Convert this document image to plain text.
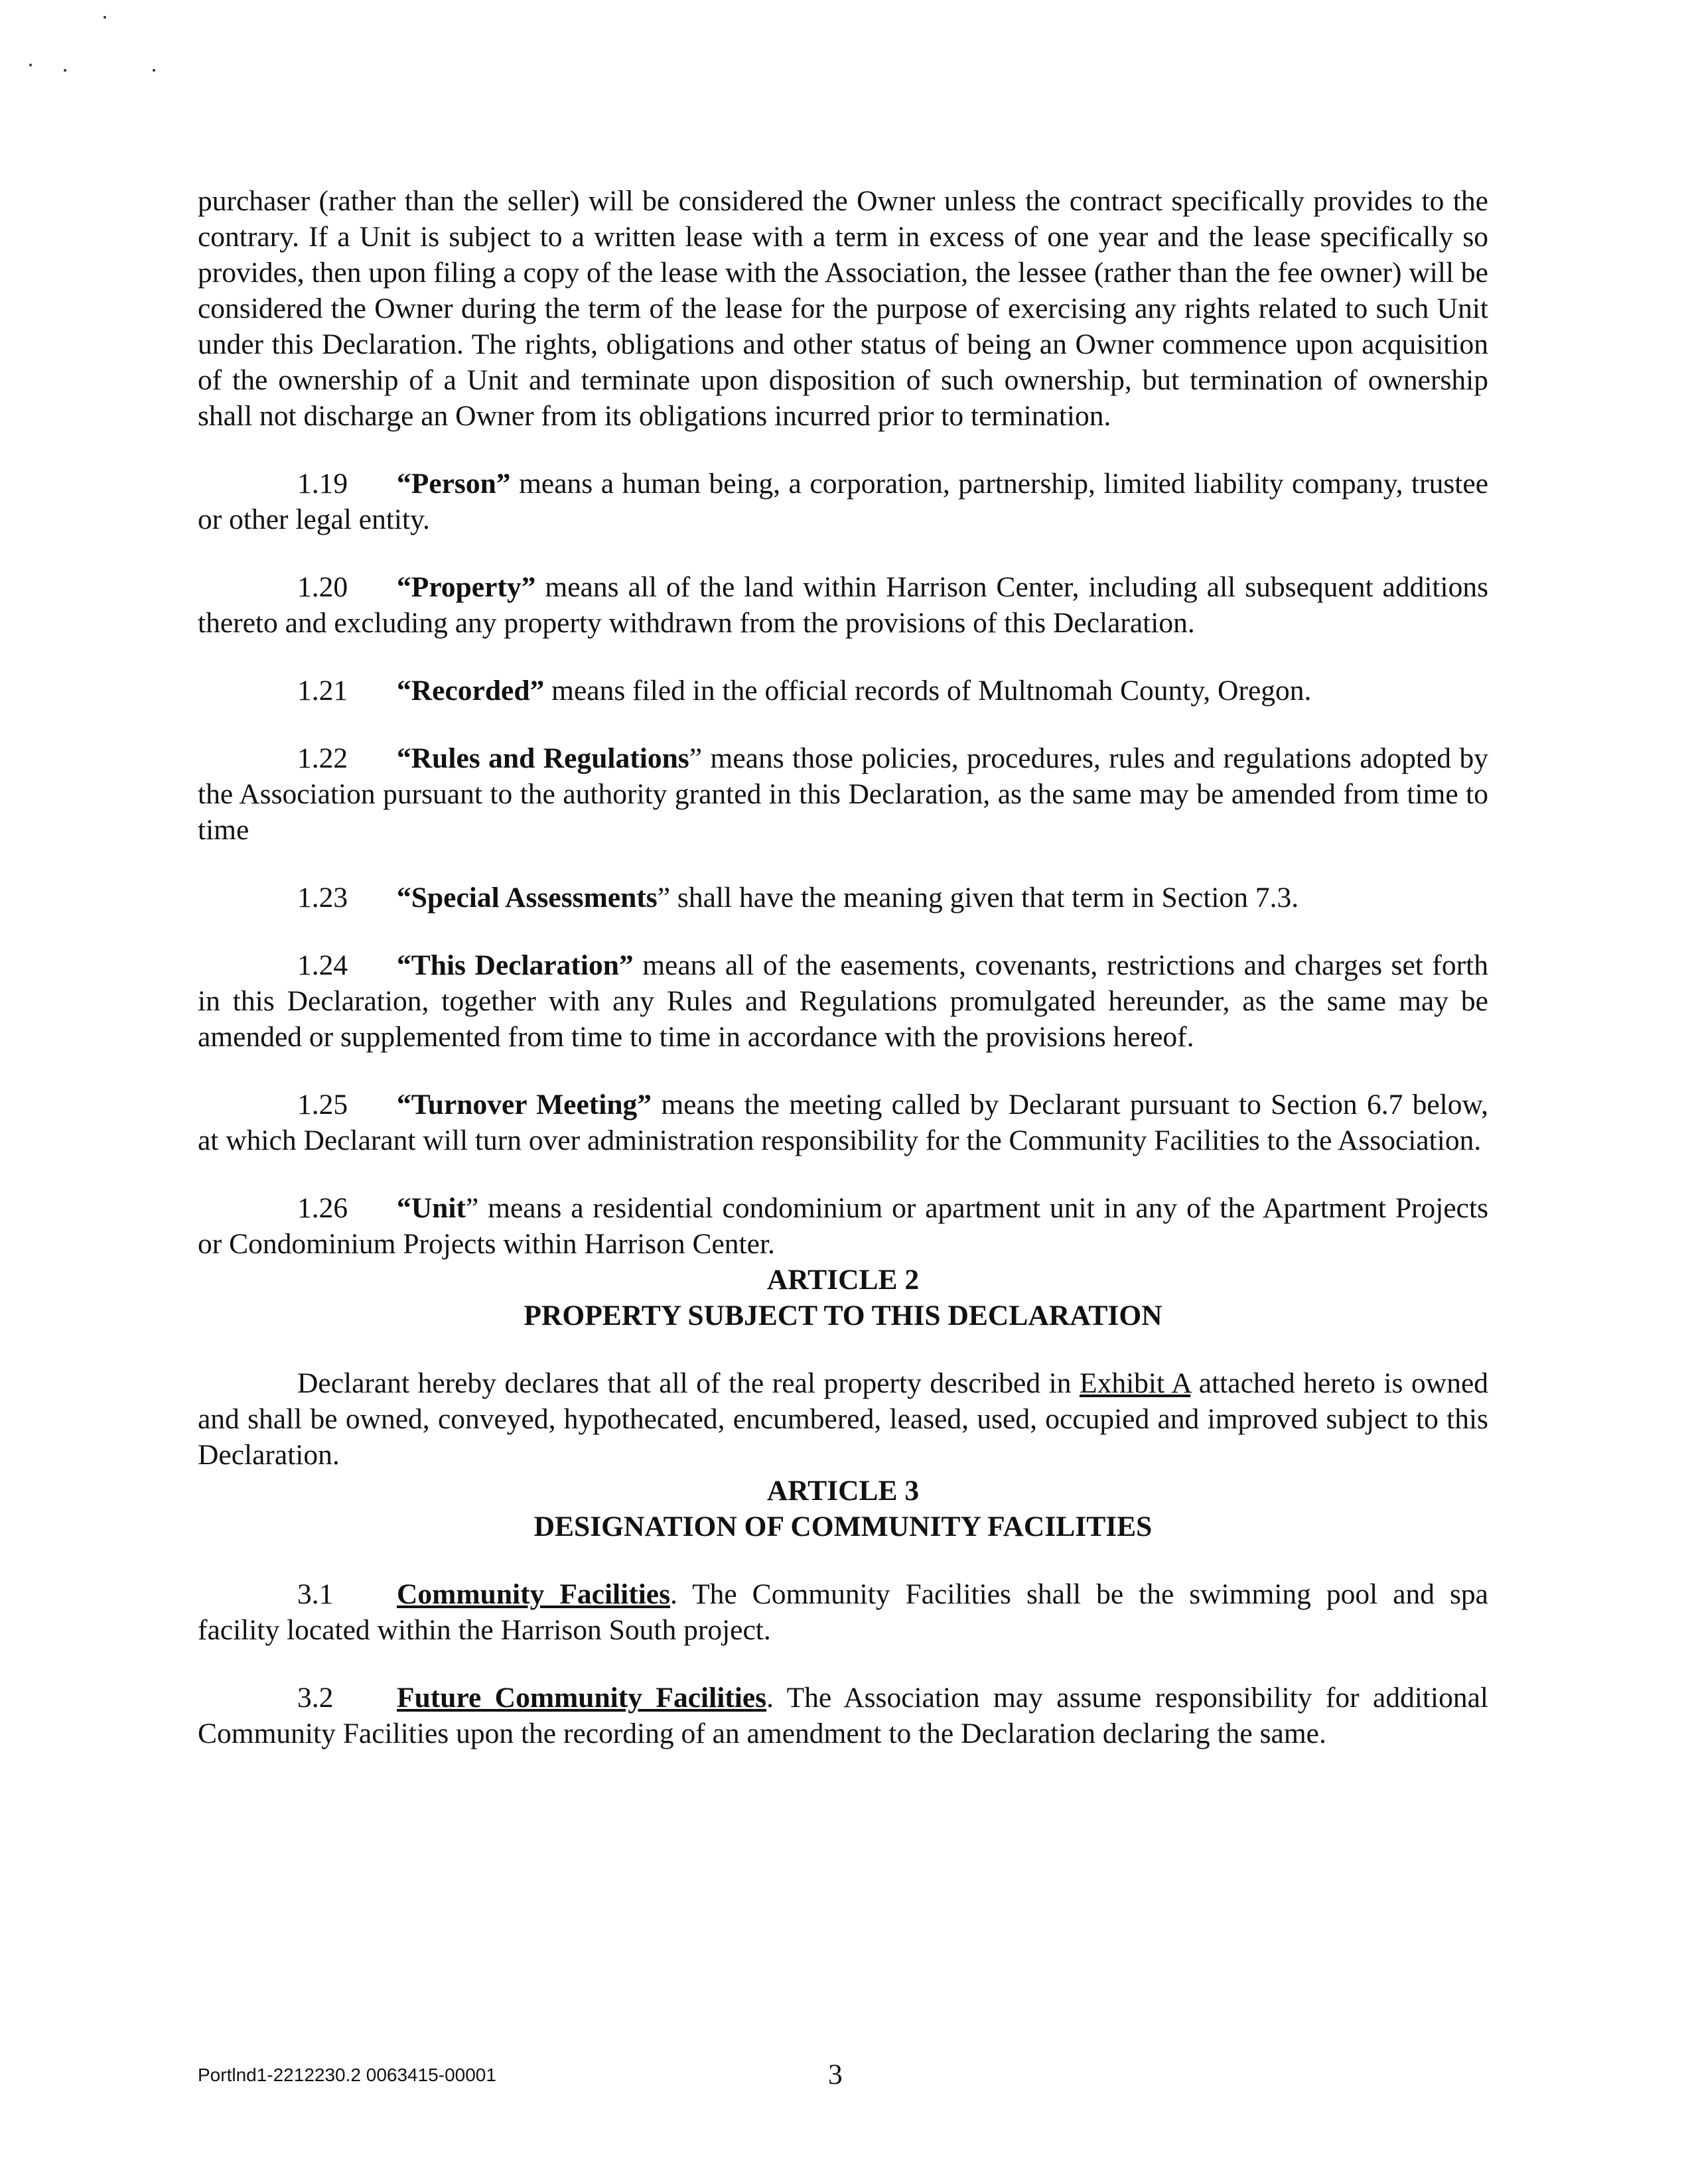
purchaser (rather than the seller) will be considered the Owner unless the contract specifically provides to the contrary. If a Unit is subject to a written lease with a term in excess of one year and the lease specifically so provides, then upon filing a copy of the lease with the Association, the lessee (rather than the fee owner) will be considered the Owner during the term of the lease for the purpose of exercising any rights related to such Unit under this Declaration. The rights, obligations and other status of being an Owner commence upon acquisition of the ownership of a Unit and terminate upon disposition of such ownership, but termination of ownership shall not discharge an Owner from its obligations incurred prior to termination.

1.19 “Person” means a human being, a corporation, partnership, limited liability company, trustee or other legal entity.

1.20 “Property” means all of the land within Harrison Center, including all subsequent additions thereto and excluding any property withdrawn from the provisions of this Declaration.

1.21 “Recorded” means filed in the official records of Multnomah County, Oregon.

1.22 “Rules and Regulations” means those policies, procedures, rules and regulations adopted by the Association pursuant to the authority granted in this Declaration, as the same may be amended from time to time

1.23 “Special Assessments” shall have the meaning given that term in Section 7.3.

1.24 “This Declaration” means all of the easements, covenants, restrictions and charges set forth in this Declaration, together with any Rules and Regulations promulgated hereunder, as the same may be amended or supplemented from time to time in accordance with the provisions hereof.

1.25 “Turnover Meeting” means the meeting called by Declarant pursuant to Section 6.7 below, at which Declarant will turn over administration responsibility for the Community Facilities to the Association.

1.26 “Unit” means a residential condominium or apartment unit in any of the Apartment Projects or Condominium Projects within Harrison Center.

ARTICLE 2

PROPERTY SUBJECT TO THIS DECLARATION

Declarant hereby declares that all of the real property described in Exhibit A attached hereto is owned and shall be owned, conveyed, hypothecated, encumbered, leased, used, occupied and improved subject to this Declaration.

ARTICLE 3

DESIGNATION OF COMMUNITY FACILITIES

3.1 Community Facilities. The Community Facilities shall be the swimming pool and spa facility located within the Harrison South project.

3.2 Future Community Facilities. The Association may assume responsibility for additional Community Facilities upon the recording of an amendment to the Declaration declaring the same.

Portlnd1-2212230.2 0063415-00001	3
